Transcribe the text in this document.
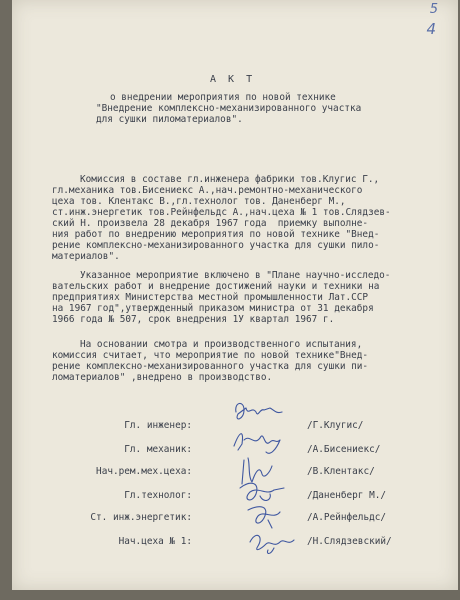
5
4
А К Т
о внедрении мероприятия по новой технике
"Внедрение комплексно-механизированного участка
для сушки пиломатериалов".
Комиссия в составе гл.инженера фабрики тов.Клугис Г.,
гл.механика тов.Бисениекс А.,нач.ремонтно-механического
цеха тов. Клентакс В.,гл.технолог тов. Даненберг М.,
ст.инж.энергетик тов.Рейнфельдс А.,нач.цеха № 1 тов.Слядзев-
ский Н. произвела 28 декабря 1967 года  приемку выполне-
ния работ по внедрению мероприятия по новой технике "Внед-
рение комплексно-механизированного участка для сушки пило-
материалов".
Указанное мероприятие включено в "Плане научно-исследо-
вательских работ и внедрение достижений науки и техники на
предприятиях Министерства местной промышленности Лат.ССР
на 1967 год",утвержденный приказом министра от 31 декабря
1966 года № 507, срок внедрения 1У квартал 1967 г.
На основании смотра и производственного испытания,
комиссия считает, что мероприятие по новой технике"Внед-
рение комплексно-механизированного участка для сушки пи-
ломатериалов" ,внедрено в производство.
Гл. инженер:	/Г.Клугис/
Гл. механик:	/А.Бисениекс/
Нач.рем.мех.цеха:	/В.Клентакс/
Гл.технолог:	/Даненберг М./
Ст. инж.энергетик:	/А.Рейнфельдс/
Нач.цеха № 1:	/Н.Слядзевский/
